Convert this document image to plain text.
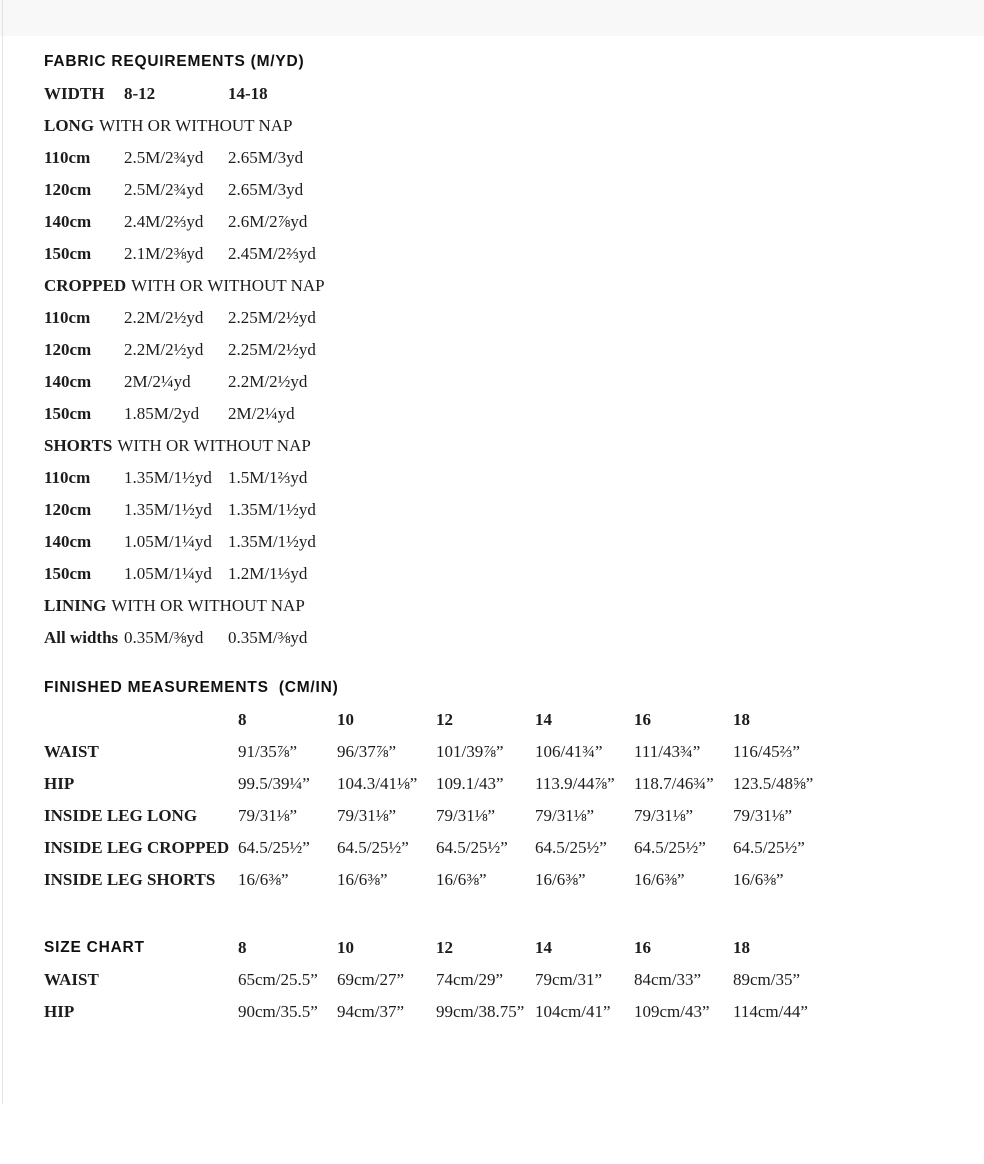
FABRIC REQUIREMENTS (M/YD)
WIDTH	8-12	14-18
LONG WITH OR WITHOUT NAP
110cm	2.5M/2¾yd	2.65M/3yd
120cm	2.5M/2¾yd	2.65M/3yd
140cm	2.4M/2⅔yd	2.6M/2⅞yd
150cm	2.1M/2⅜yd	2.45M/2⅔yd
CROPPED WITH OR WITHOUT NAP
110cm	2.2M/2½yd	2.25M/2½yd
120cm	2.2M/2½yd	2.25M/2½yd
140cm	2M/2¼yd	2.2M/2½yd
150cm	1.85M/2yd	2M/2¼yd
SHORTS WITH OR WITHOUT NAP
110cm	1.35M/1½yd 1.5M/1⅔yd
120cm	1.35M/1½yd 1.35M/1½yd
140cm	1.05M/1¼yd 1.35M/1½yd
150cm	1.05M/1¼yd 1.2M/1⅓yd
LINING WITH OR WITHOUT NAP
All widths 0.35M/⅜yd	0.35M/⅜yd
FINISHED MEASUREMENTS  (CM/IN)
8	10	12	14	16	18
WAIST	91/35⅞”	96/37⅞”	101/39⅞”	106/41¾”	111/43¾”	116/45⅔”
HIP	99.5/39¼”	104.3/41⅛”	109.1/43”	113.9/44⅞”	118.7/46¾”	123.5/48⅝”
INSIDE LEG LONG	79/31⅛”	79/31⅛”	79/31⅛”	79/31⅛”	79/31⅛”	79/31⅛”
INSIDE LEG CROPPED 64.5/25½”	64.5/25½”	64.5/25½”	64.5/25½”	64.5/25½”	64.5/25½”
INSIDE LEG SHORTS	16/6⅜”	16/6⅜”	16/6⅜”	16/6⅜”	16/6⅜”	16/6⅜”
SIZE CHART	8	10	12	14	16	18
WAIST	65cm/25.5”	69cm/27”	74cm/29”	79cm/31”	84cm/33”	89cm/35”
HIP	90cm/35.5”	94cm/37”	99cm/38.75” 104cm/41”	109cm/43”	114cm/44”
